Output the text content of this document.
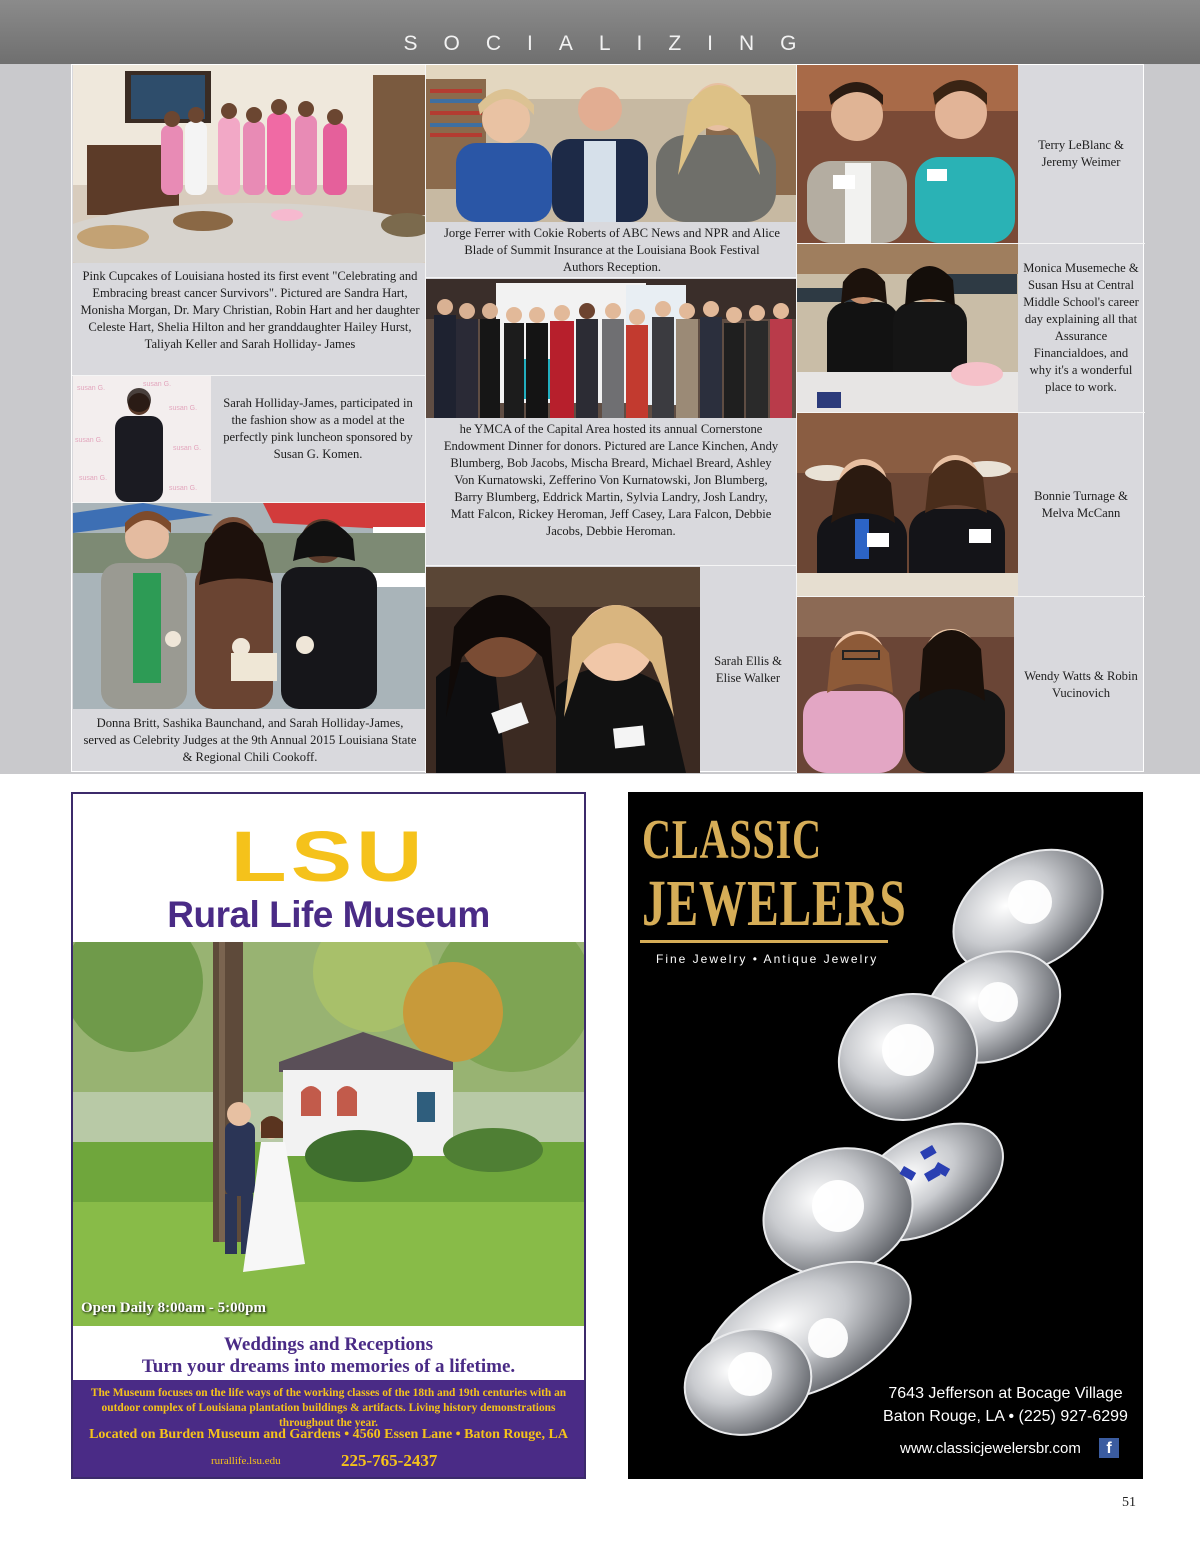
SOCIALIZING
Pink Cupcakes of Louisiana hosted its first event "Celebrating and Embracing breast cancer Survivors". Pictured are Sandra Hart, Monisha Morgan, Dr. Mary Christian, Robin Hart and her daughter Celeste Hart, Shelia Hilton and her granddaughter Hailey Hurst, Taliyah Keller and Sarah Holliday- James
susan G.
susan G.
susan G.
susan G.
susan G.
susan G.
susan G.
Sarah Holliday-James, participated in the fashion show as a model at the perfectly pink luncheon sponsored by Susan G. Komen.
Donna Britt, Sashika Baunchand, and Sarah Holliday-James, served as Celebrity Judges at the 9th Annual 2015 Louisiana State & Regional Chili Cookoff.
Jorge Ferrer with Cokie Roberts of ABC News and NPR and Alice Blade of Summit Insurance at the Louisiana Book Festival Authors Reception.
he YMCA of the Capital Area hosted its annual Cornerstone Endowment Dinner for donors. Pictured are Lance Kinchen, Andy Blumberg, Bob Jacobs, Mischa Breard, Michael Breard, Ashley Von Kurnatowski, Zefferino Von Kurnatowski, Jon Blumberg, Barry Blumberg, Eddrick Martin, Sylvia Landry, Josh Landry, Matt Falcon, Rickey Heroman, Jeff Casey, Lara Falcon, Debbie Jacobs, Debbie Heroman.
Sarah Ellis & Elise Walker
Terry LeBlanc & Jeremy Weimer
Monica Musemeche & Susan Hsu at Central Middle School's career day explaining all that Assurance Financialdoes, and why it's a wonderful place to work.
Bonnie Turnage & Melva McCann
Wendy Watts & Robin Vucinovich
LSU
Rural Life Museum
Open Daily 8:00am - 5:00pm
Weddings and Receptions
Turn your dreams into memories of a lifetime.
The Museum focuses on the life ways of the working classes of the 18th and 19th centuries with an outdoor complex of Louisiana plantation buildings & artifacts. Living history demonstrations throughout the year.
Located on Burden Museum and Gardens • 4560 Essen Lane • Baton Rouge, LA
rurallife.lsu.edu	225-765-2437
CLASSIC
JEWELERS
Fine Jewelry • Antique Jewelry
7643 Jefferson at Bocage Village
Baton Rouge, LA • (225) 927-6299
www.classicjewelersbr.com	f
51
